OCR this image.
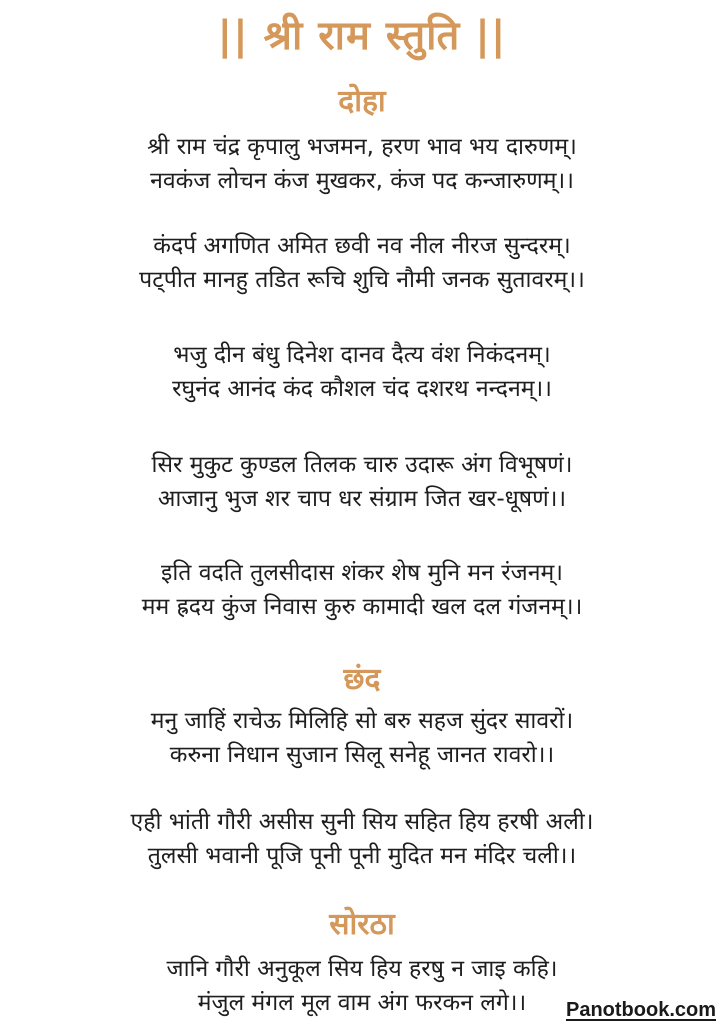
|| श्री राम स्तुति ||
दोहा
श्री राम चंद्र कृपालु भजमन, हरण भाव भय दारुणम्।
नवकंज लोचन कंज मुखकर, कंज पद कन्जारुणम्।।
कंदर्प अगणित अमित छवी नव नील नीरज सुन्दरम्।
पट्पीत मानहु तडित रूचि शुचि नौमी जनक सुतावरम्।।
भजु दीन बंधु दिनेश दानव दैत्य वंश निकंदनम्।
रघुनंद आनंद कंद कौशल चंद दशरथ नन्दनम्।।
सिर मुकुट कुण्डल तिलक चारु उदारू अंग विभूषणं।
आजानु भुज शर चाप धर संग्राम जित खर-धूषणं।।
इति वदति तुलसीदास शंकर शेष मुनि मन रंजनम्।
मम ह्रदय कुंज निवास कुरु कामादी खल दल गंजनम्।।
छंद
मनु जाहिं राचेऊ मिलिहि सो बरु सहज सुंदर सावरों।
करुना निधान सुजान सिलू सनेहू जानत रावरो।।
एही भांती गौरी असीस सुनी सिय सहित हिय हरषी अली।
तुलसी भवानी पूजि पूनी पूनी मुदित मन मंदिर चली।।
सोरठा
जानि गौरी अनुकूल सिय हिय हरषु न जाइ कहि।
मंजुल मंगल मूल वाम अंग फरकन लगे।।	Panotbook.com
